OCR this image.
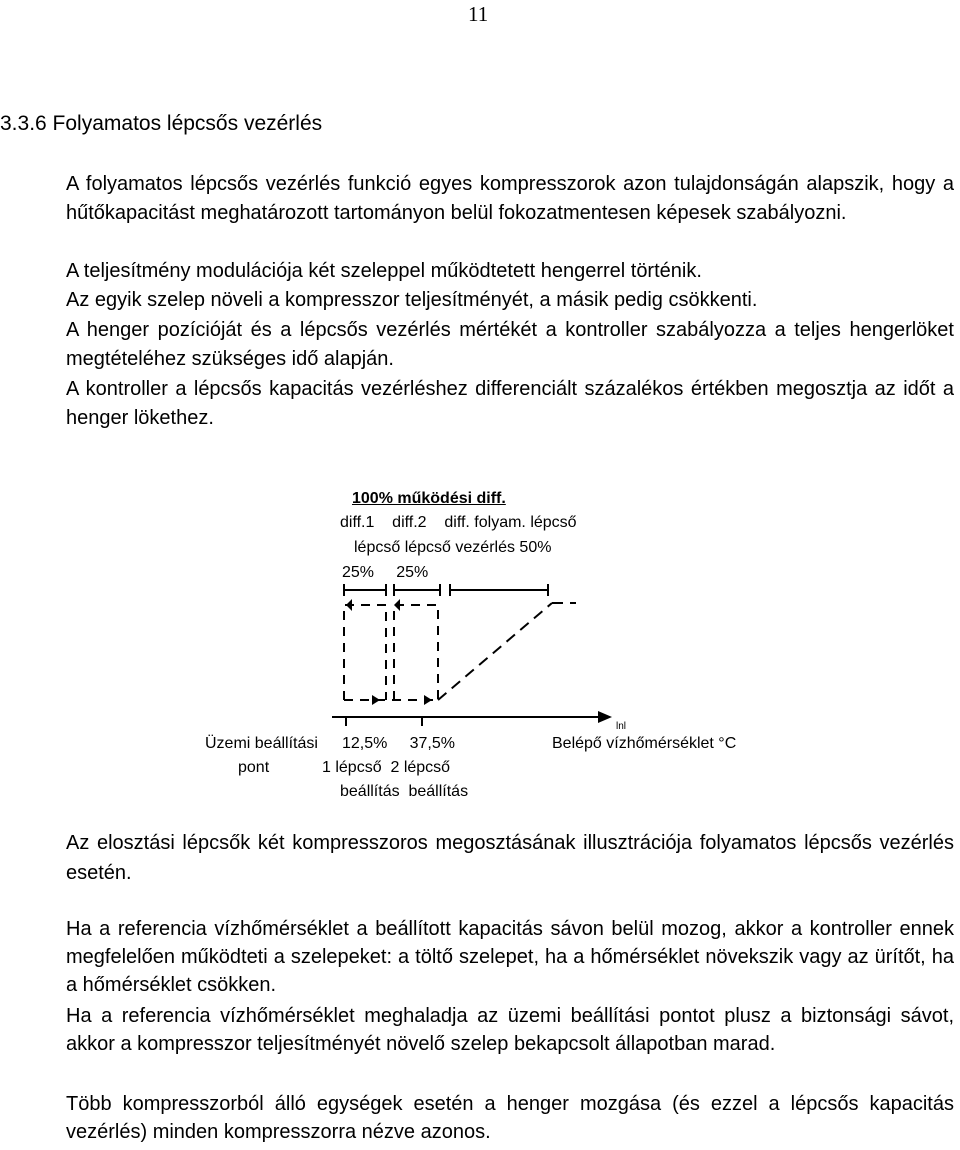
11
3.3.6 Folyamatos lépcsős vezérlés

A folyamatos lépcsős vezérlés funkció egyes kompresszorok azon tulajdonságán alapszik, hogy a hűtőkapacitást meghatározott tartományon belül fokozatmentesen képesek szabályozni.

A teljesítmény modulációja két szeleppel működtetett hengerrel történik.

Az egyik szelep növeli a kompresszor teljesítményét, a másik pedig csökkenti.

A henger pozícióját és a lépcsős vezérlés mértékét a kontroller szabályozza a teljes hengerlöket megtételéhez szükséges idő alapján.

A kontroller a lépcsős kapacitás vezérléshez differenciált százalékos értékben megosztja az időt a henger lökethez.

100% működési diff.
diff.1    diff.2    diff. folyam. lépcső
lépcső lépcső vezérlés 50%
25%     25%
lnl
Üzemi beállítási
pont
12,5%     37,5%
1 lépcső  2 lépcső
beállítás  beállítás
Belépő vízhőmérséklet °C

Az elosztási lépcsők két kompresszoros megosztásának illusztrációja folyamatos lépcsős vezérlés esetén.

Ha a referencia vízhőmérséklet a beállított kapacitás sávon belül mozog, akkor a kontroller ennek megfelelően működteti a szelepeket: a töltő szelepet, ha a hőmérséklet növekszik vagy az ürítőt, ha a hőmérséklet csökken.

Ha a referencia vízhőmérséklet meghaladja az üzemi beállítási pontot plusz a biztonsági sávot, akkor a kompresszor teljesítményét növelő szelep bekapcsolt állapotban marad.

Több kompresszorból álló egységek esetén a henger mozgása (és ezzel a lépcsős kapacitás vezérlés) minden kompresszorra nézve azonos.
